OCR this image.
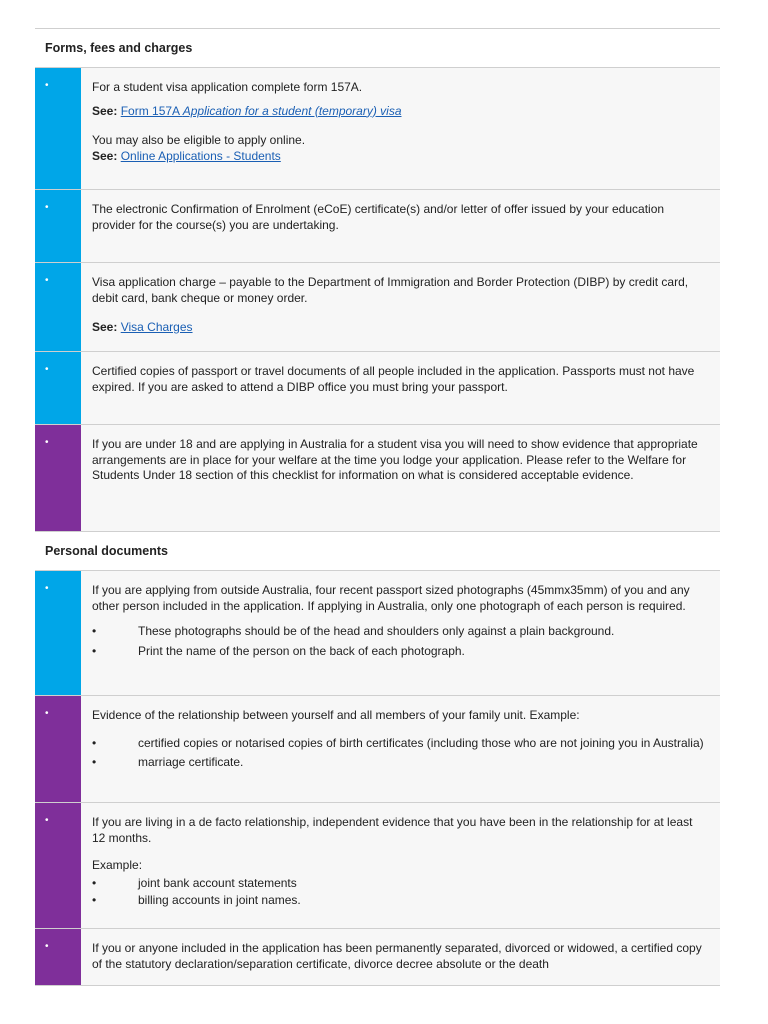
Forms, fees and charges
•	For a student visa application complete form 157A.

See: Form 157A Application for a student (temporary) visa

You may also be eligible to apply online.
See: Online Applications - Students

•	The electronic Confirmation of Enrolment (eCoE) certificate(s) and/or letter of offer issued by your education provider for the course(s) you are undertaking.

•	Visa application charge – payable to the Department of Immigration and Border Protection (DIBP) by credit card, debit card, bank cheque or money order.

See: Visa Charges

•	Certified copies of passport or travel documents of all people included in the application. Passports must not have expired. If you are asked to attend a DIBP office you must bring your passport.

•	If you are under 18 and are applying in Australia for a student visa you will need to show evidence that appropriate arrangements are in place for your welfare at the time you lodge your application. Please refer to the Welfare for Students Under 18 section of this checklist for information on what is considered acceptable evidence.

Personal documents
•	If you are applying from outside Australia, four recent passport sized photographs (45mmx35mm) of you and any other person included in the application. If applying in Australia, only one photograph of each person is required.

• These photographs should be of the head and shoulders only against a plain background.
• Print the name of the person on the back of each photograph.
•	Evidence of the relationship between yourself and all members of your family unit. Example:

• certified copies or notarised copies of birth certificates (including those who are not joining you in Australia)
• marriage certificate.
•	If you are living in a de facto relationship, independent evidence that you have been in the relationship for at least 12 months.

Example:

• joint bank account statements
• billing accounts in joint names.
•	If you or anyone included in the application has been permanently separated, divorced or widowed, a certified copy of the statutory declaration/separation certificate, divorce decree absolute or the death
